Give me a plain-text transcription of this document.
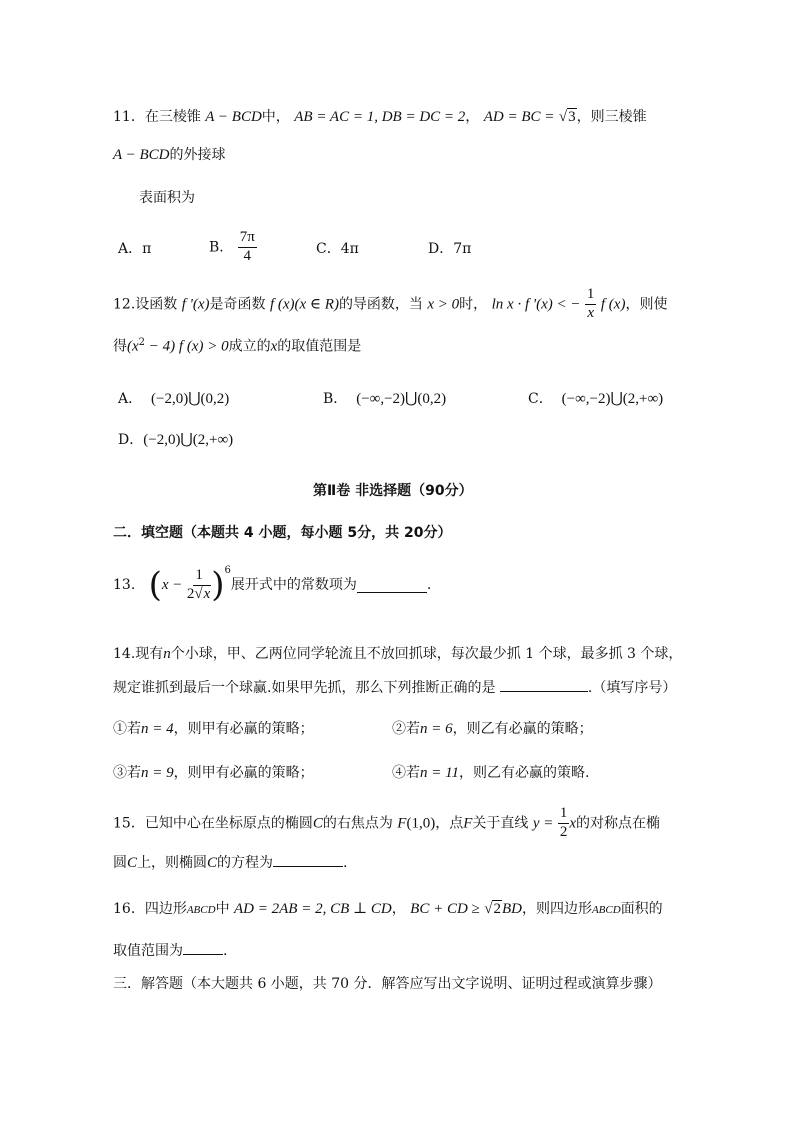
11．在三棱锥 A − BCD中， AB = AC = 1, DB = DC = 2， AD = BC = √3，则三棱锥
A − BCD的外接球
表面积为
A．π	B． $\frac{7\pi}{4}$	C．4π	D．7π
12.设函数 f '(x)是奇函数 f (x)(x ∈ R)的导函数，当 x > 0时， ln x · f '(x) < − $\frac{1}{x}$ f (x)，则使
得$(x^2 - 4)$ f (x) > 0成立的x的取值范围是
A． (−2,0)⋃(0,2)	B． (−∞,−2)⋃(0,2)	C． (−∞,−2)⋃(2,+∞)
D．(−2,0)⋃(2,+∞)
第Ⅱ卷 非选择题（90分）
二．填空题（本题共 4 小题，每小题 5分，共 20分）
13.
( x −
$\frac{1}{2√x}$ ) 6
展开式中的常数项为	.
14.现有n个小球，甲、乙两位同学轮流且不放回抓球，每次最少抓 1 个球，最多抓 3 个球，
规定谁抓到最后一个球赢.如果甲先抓，那么下列推断正确的是	.（填写序号）
①若n = 4，则甲有必赢的策略；	②若n = 6，则乙有必赢的策略；
③若n = 9，则甲有必赢的策略；	④若n = 11，则乙有必赢的策略.
15．已知中心在坐标原点的椭圆C的右焦点为 F(1,0)，点F关于直线 $y = \frac{1}{2}$ x的对称点在椭
圆C上，则椭圆C的方程为	.
16．四边形ABCD中 AD = 2AB = 2, CB ⊥ CD， BC + CD ≥ √2BD，则四边形ABCD面积的
取值范围为	.
三．解答题（本大题共 6 小题，共 70 分．解答应写出文字说明、证明过程或演算步骤）
